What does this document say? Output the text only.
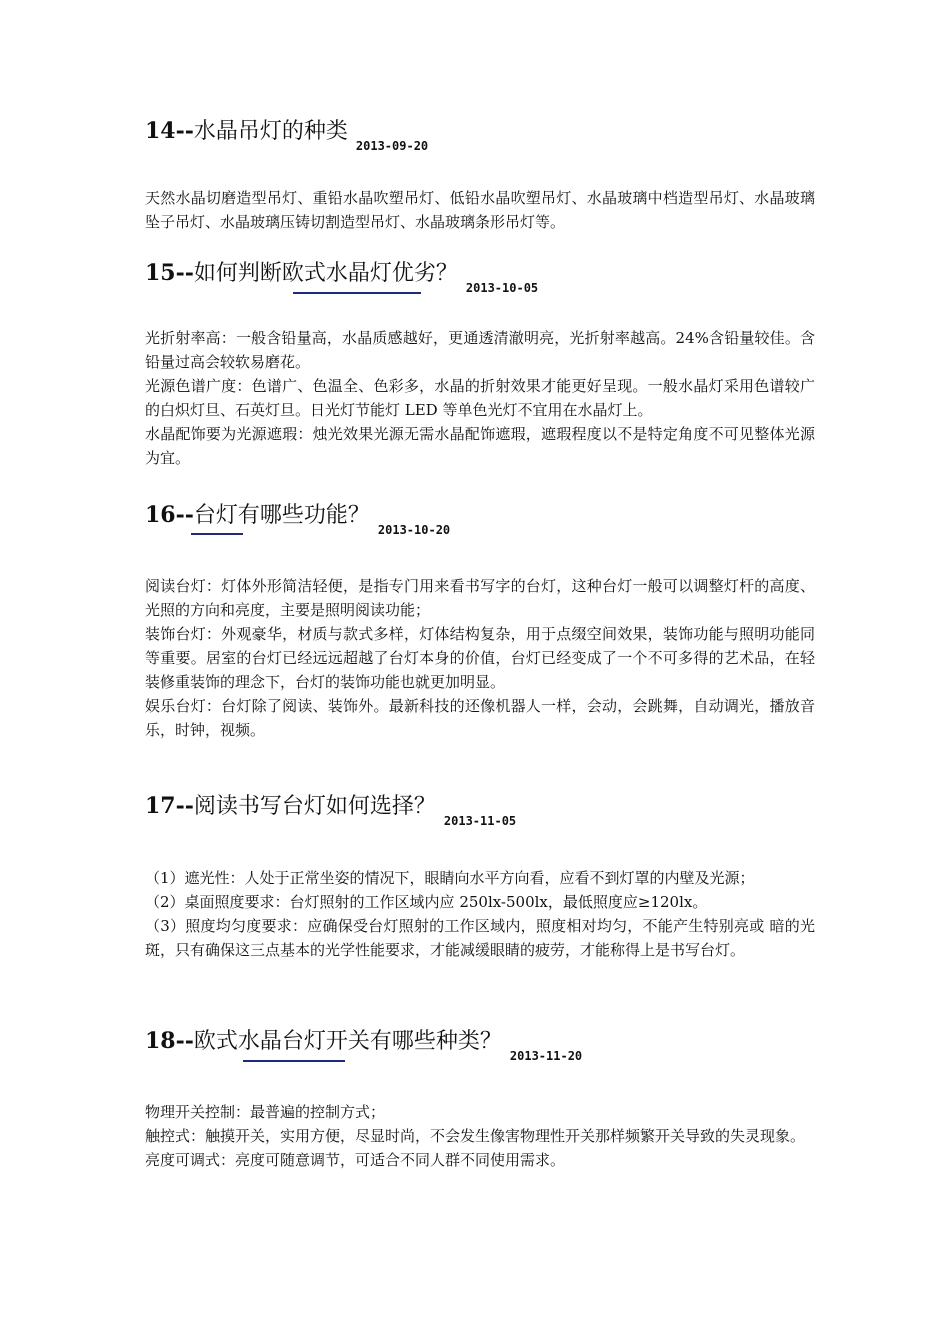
14--水晶吊灯的种类2013-09-20

天然水晶切磨造型吊灯、重铅水晶吹塑吊灯、低铅水晶吹塑吊灯、水晶玻璃中档造型吊灯、水晶玻璃坠子吊灯、水晶玻璃压铸切割造型吊灯、水晶玻璃条形吊灯等。

15--如何判断欧式水晶灯优劣？2013-10-05

光折射率高：一般含铅量高，水晶质感越好，更通透清澈明亮，光折射率越高。24%含铅量较佳。含铅量过高会较软易磨花。

光源色谱广度：色谱广、色温全、色彩多，水晶的折射效果才能更好呈现。一般水晶灯采用色谱较广的白炽灯旦、石英灯旦。日光灯节能灯 LED 等单色光灯不宜用在水晶灯上。

水晶配饰要为光源遮瑕：烛光效果光源无需水晶配饰遮瑕，遮瑕程度以不是特定角度不可见整体光源为宜。

16--台灯有哪些功能？2013-10-20

阅读台灯：灯体外形简洁轻便，是指专门用来看书写字的台灯，这种台灯一般可以调整灯杆的高度、光照的方向和亮度，主要是照明阅读功能；

装饰台灯：外观豪华，材质与款式多样，灯体结构复杂，用于点缀空间效果，装饰功能与照明功能同等重要。居室的台灯已经远远超越了台灯本身的价值，台灯已经变成了一个不可多得的艺术品，在轻装修重装饰的理念下，台灯的装饰功能也就更加明显。

娱乐台灯：台灯除了阅读、装饰外。最新科技的还像机器人一样，会动，会跳舞，自动调光，播放音乐，时钟，视频。

17--阅读书写台灯如何选择？2013-11-05

（1）遮光性：人处于正常坐姿的情况下，眼睛向水平方向看，应看不到灯罩的内壁及光源；

（2）桌面照度要求：台灯照射的工作区域内应 250lx-500lx，最低照度应≥120lx。

（3）照度均匀度要求：应确保受台灯照射的工作区域内，照度相对均匀，不能产生特别亮或 暗的光斑，只有确保这三点基本的光学性能要求，才能减缓眼睛的疲劳，才能称得上是书写台灯。

18--欧式水晶台灯开关有哪些种类？2013-11-20

物理开关控制：最普遍的控制方式；

触控式：触摸开关，实用方便，尽显时尚，不会发生像害物理性开关那样频繁开关导致的失灵现象。

亮度可调式：亮度可随意调节，可适合不同人群不同使用需求。
